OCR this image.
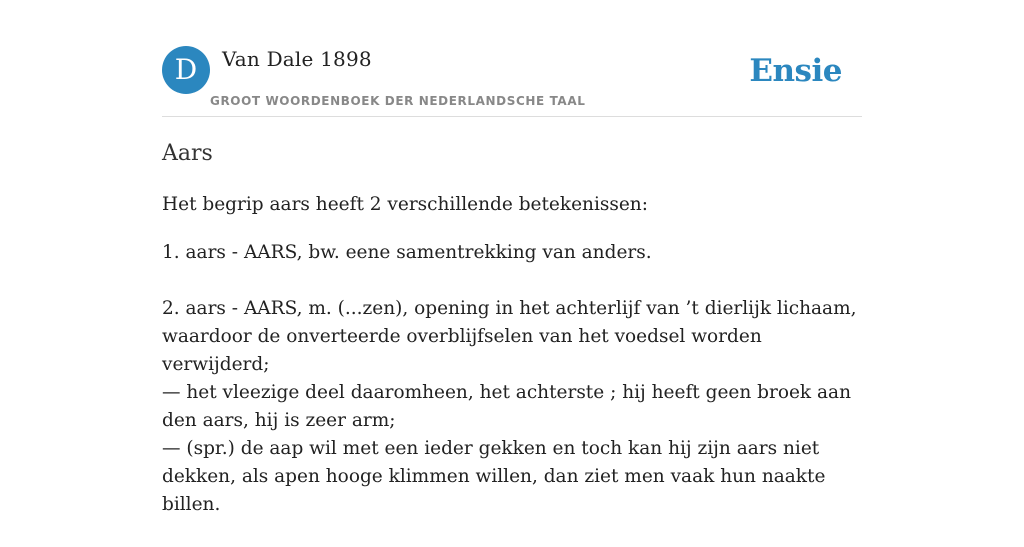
D	Van Dale 1898
GROOT WOORDENBOEK DER NEDERLANDSCHE TAAL
Ensie
Aars
Het begrip aars heeft 2 verschillende betekenissen:
1. aars - AARS, bw. eene samentrekking van anders.
2. aars - AARS, m. (...zen), opening in het achterlijf van ’t dierlijk lichaam, waardoor de onverteerde overblijfselen van het voedsel worden verwijderd;
— het vleezige deel daaromheen, het achterste ; hij heeft geen broek aan den aars, hij is zeer arm;
— (spr.) de aap wil met een ieder gekken en toch kan hij zijn aars niet dekken, als apen hooge klimmen willen, dan ziet men vaak hun naakte billen.
